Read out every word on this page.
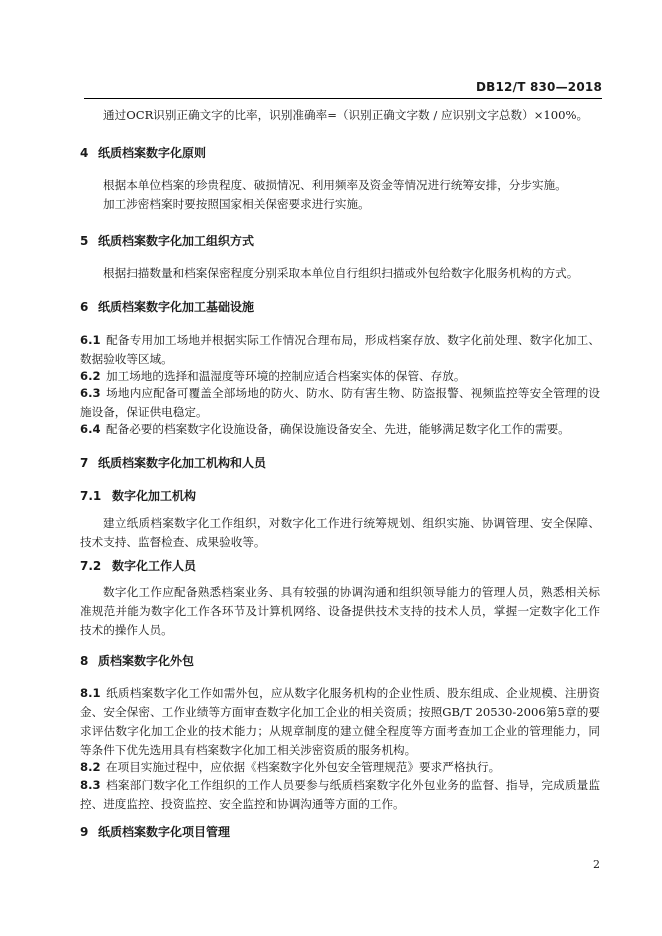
DB12/T 830—2018
通过OCR识别正确文字的比率，识别准确率=（识别正确文字数 / 应识别文字总数）×100%。
4 纸质档案数字化原则
根据本单位档案的珍贵程度、破损情况、利用频率及资金等情况进行统筹安排，分步实施。
加工涉密档案时要按照国家相关保密要求进行实施。
5 纸质档案数字化加工组织方式
根据扫描数量和档案保密程度分别采取本单位自行组织扫描或外包给数字化服务机构的方式。
6 纸质档案数字化加工基础设施
6.1 配备专用加工场地并根据实际工作情况合理布局，形成档案存放、数字化前处理、数字化加工、数据验收等区域。
6.2 加工场地的选择和温湿度等环境的控制应适合档案实体的保管、存放。
6.3 场地内应配备可覆盖全部场地的防火、防水、防有害生物、防盗报警、视频监控等安全管理的设施设备，保证供电稳定。
6.4 配备必要的档案数字化设施设备，确保设施设备安全、先进，能够满足数字化工作的需要。
7 纸质档案数字化加工机构和人员
7.1 数字化加工机构
建立纸质档案数字化工作组织，对数字化工作进行统筹规划、组织实施、协调管理、安全保障、技术支持、监督检查、成果验收等。
7.2 数字化工作人员
数字化工作应配备熟悉档案业务、具有较强的协调沟通和组织领导能力的管理人员，熟悉相关标准规范并能为数字化工作各环节及计算机网络、设备提供技术支持的技术人员，掌握一定数字化工作技术的操作人员。
8 质档案数字化外包
8.1 纸质档案数字化工作如需外包，应从数字化服务机构的企业性质、股东组成、企业规模、注册资金、安全保密、工作业绩等方面审查数字化加工企业的相关资质；按照GB/T 20530-2006第5章的要求评估数字化加工企业的技术能力；从规章制度的建立健全程度等方面考查加工企业的管理能力，同等条件下优先选用具有档案数字化加工相关涉密资质的服务机构。
8.2 在项目实施过程中，应依据《档案数字化外包安全管理规范》要求严格执行。
8.3 档案部门数字化工作组织的工作人员要参与纸质档案数字化外包业务的监督、指导，完成质量监控、进度监控、投资监控、安全监控和协调沟通等方面的工作。
9 纸质档案数字化项目管理
2
